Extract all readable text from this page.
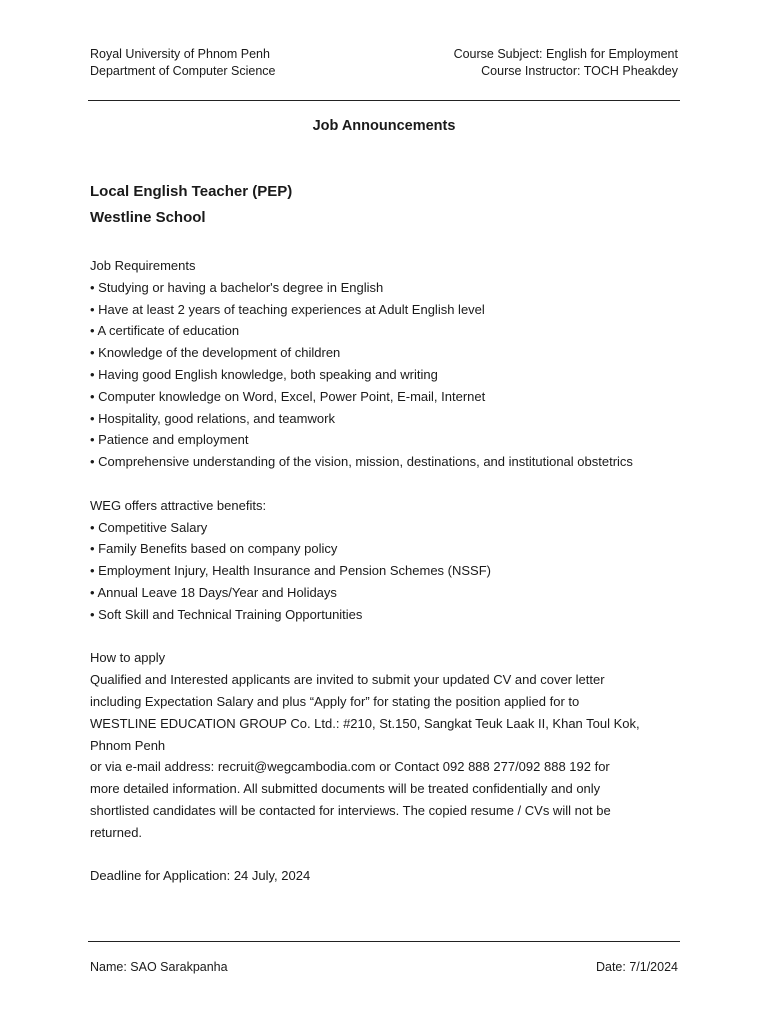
Royal University of Phnom Penh
Department of Computer Science
Course Subject: English for Employment
Course Instructor: TOCH Pheakdey
Job Announcements
Local English Teacher (PEP)
Westline School

Job Requirements

• Studying or having a bachelor's degree in English
• Have at least 2 years of teaching experiences at Adult English level
• A certificate of education
• Knowledge of the development of children
• Having good English knowledge, both speaking and writing
• Computer knowledge on Word, Excel, Power Point, E-mail, Internet
• Hospitality, good relations, and teamwork
• Patience and employment
• Comprehensive understanding of the vision, mission, destinations, and institutional obstetrics

WEG offers attractive benefits:

• Competitive Salary
• Family Benefits based on company policy
• Employment Injury, Health Insurance and Pension Schemes (NSSF)
• Annual Leave 18 Days/Year and Holidays
• Soft Skill and Technical Training Opportunities

How to apply

Qualified and Interested applicants are invited to submit your updated CV and cover letter

including Expectation Salary and plus “Apply for” for stating the position applied for to

WESTLINE EDUCATION GROUP Co. Ltd.: #210, St.150, Sangkat Teuk Laak II, Khan Toul Kok,

Phnom Penh

or via e-mail address: recruit@wegcambodia.com or Contact 092 888 277/092 888 192 for

more detailed information. All submitted documents will be treated confidentially and only

shortlisted candidates will be contacted for interviews. The copied resume / CVs will not be

returned.

Deadline for Application: 24 July, 2024

Name: SAO Sarakpanha	Date: 7/1/2024
